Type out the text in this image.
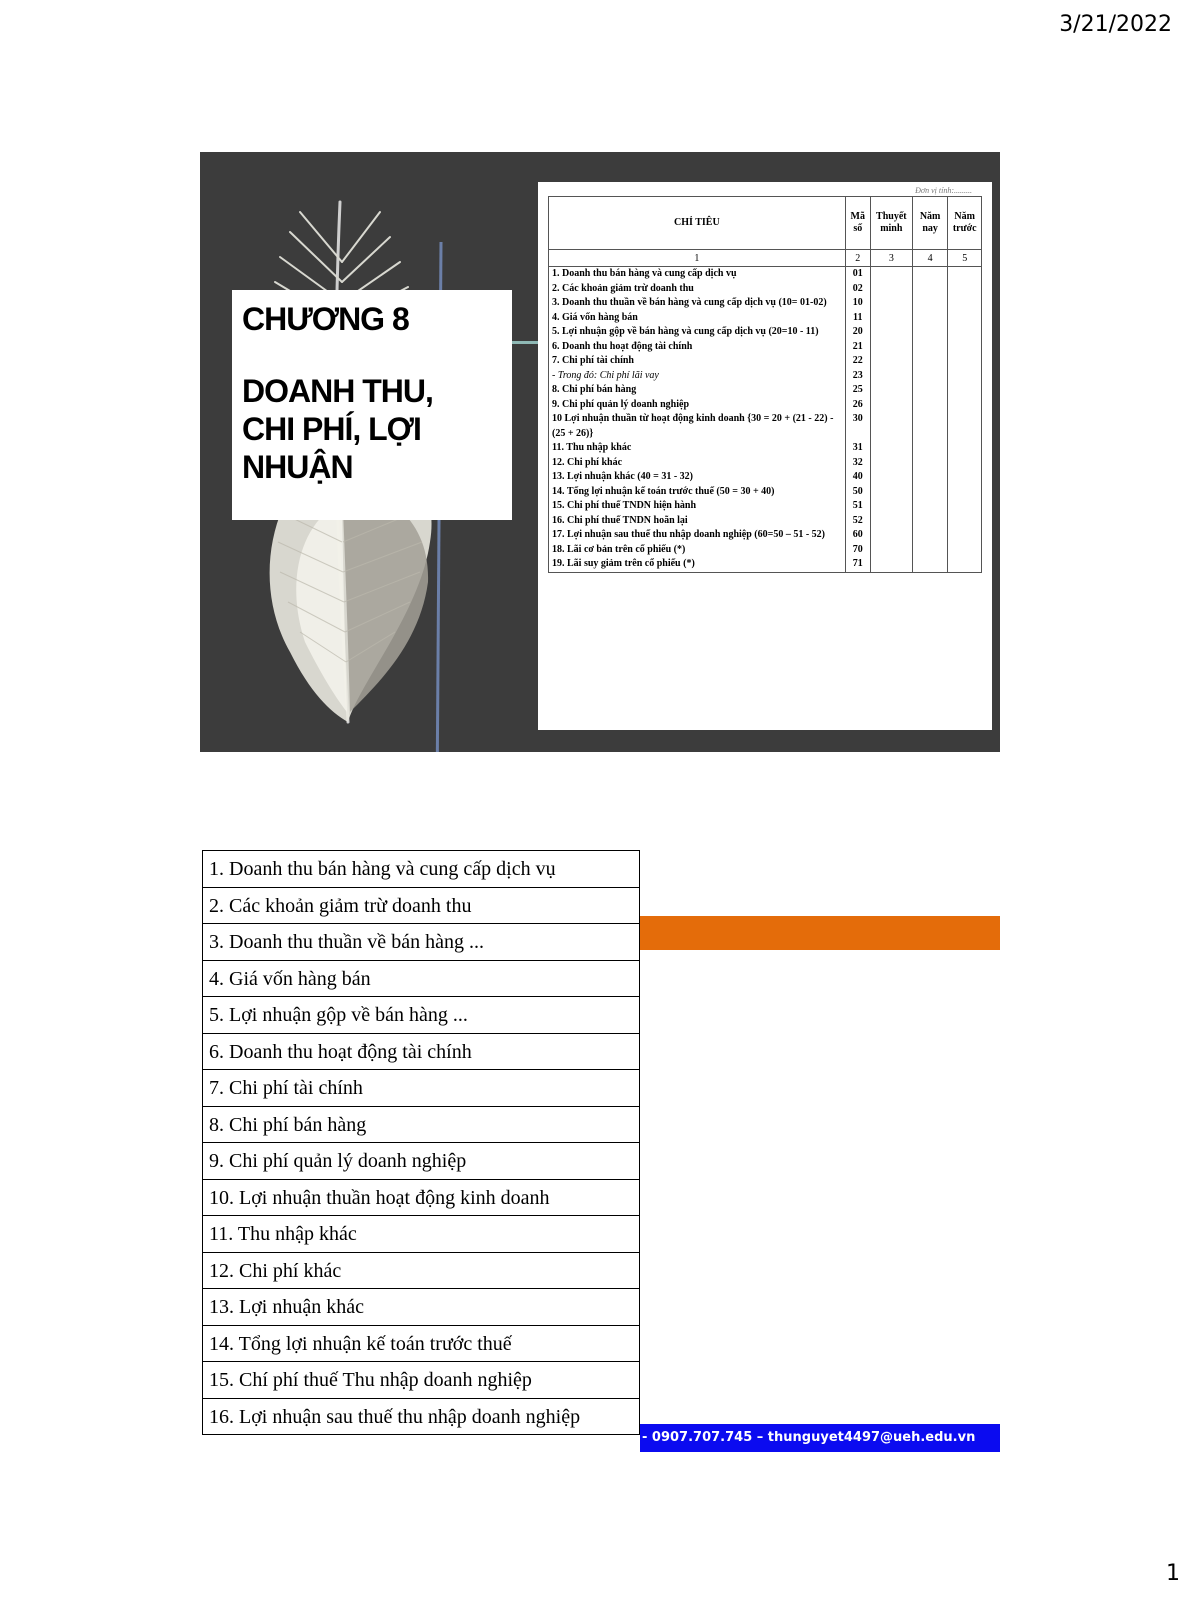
3/21/2022
CHƯƠNG 8
DOANH THU,
CHI PHÍ, LỢI
NHUẬN
Đơn vị tính:.........
CHỈ TIÊU	Mã số	Thuyết minh	Năm nay	Năm trước
1	2	3	4	5
1. Doanh thu bán hàng và cung cấp dịch vụ	01			
2. Các khoản giảm trừ doanh thu	02			
3. Doanh thu thuần về bán hàng và cung cấp dịch vụ (10= 01-02)	10			
4. Giá vốn hàng bán	11			
5. Lợi nhuận gộp về bán hàng và cung cấp dịch vụ (20=10 - 11)	20			
6. Doanh thu hoạt động tài chính	21			
7. Chi phí tài chính	22			
- Trong đó: Chi phí lãi vay	23			
8. Chi phí bán hàng	25			
9. Chi phí quản lý doanh nghiệp	26			
10 Lợi nhuận thuần từ hoạt động kinh doanh {30 = 20 + (21 - 22) - (25 + 26)}	30			
11. Thu nhập khác	31			
12. Chi phí khác	32			
13. Lợi nhuận khác (40 = 31 - 32)	40			
14. Tổng lợi nhuận kế toán trước thuế (50 = 30 + 40)	50			
15. Chi phí thuế TNDN hiện hành	51			
16. Chi phí thuế TNDN hoãn lại	52			
17. Lợi nhuận sau thuế thu nhập doanh nghiệp (60=50 – 51 - 52)	60			
18. Lãi cơ bản trên cổ phiếu (*)	70			
19. Lãi suy giảm trên cổ phiếu (*)	71			
- 0907.707.745 – thunguyet4497@ueh.edu.vn
1. Doanh thu bán hàng và cung cấp dịch vụ
2. Các khoản giảm trừ doanh thu
3. Doanh thu thuần về bán hàng ...
4. Giá vốn hàng bán
5. Lợi nhuận gộp về bán hàng ...
6. Doanh thu hoạt động tài chính
7. Chi phí tài chính
8. Chi phí bán hàng
9. Chi phí quản lý doanh nghiệp
10. Lợi nhuận thuần hoạt động kinh doanh
11. Thu nhập khác
12. Chi phí khác
13. Lợi nhuận khác
14. Tổng lợi nhuận kế toán trước thuế
15. Chí phí thuế Thu nhập doanh nghiệp
16. Lợi nhuận sau thuế thu nhập doanh nghiệp
1
